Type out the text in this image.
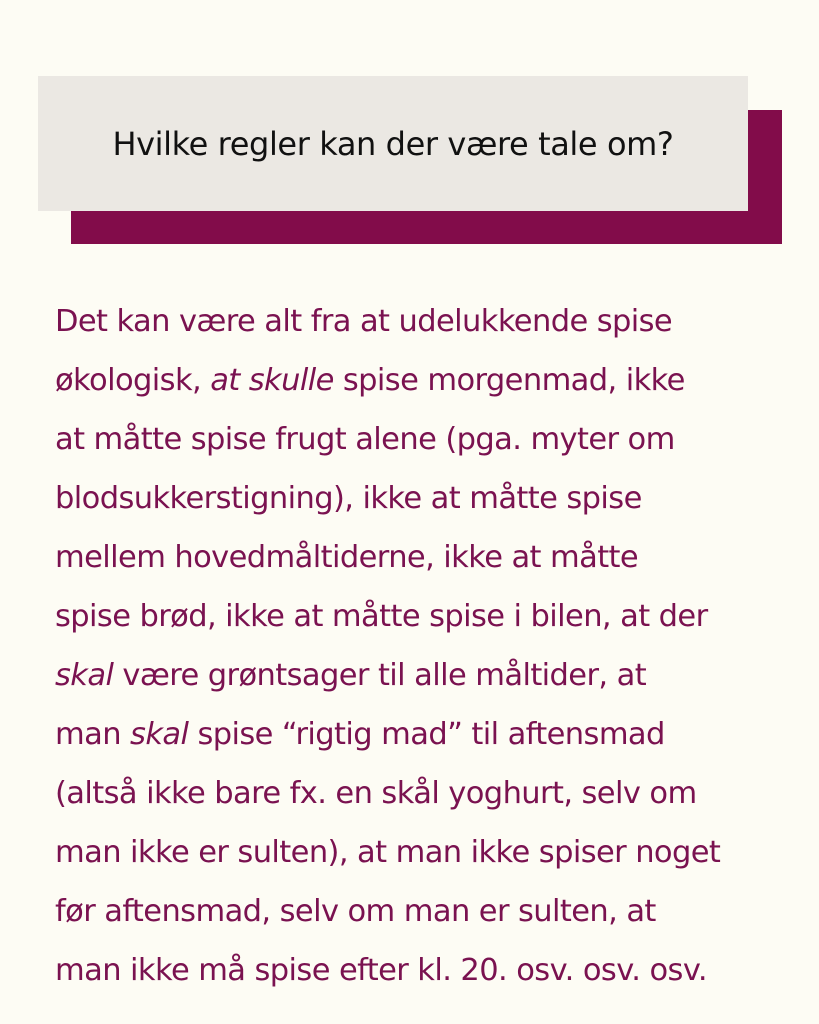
Hvilke regler kan der være tale om?

Det kan være alt fra at udelukkende spise
økologisk, at skulle spise morgenmad, ikke
at måtte spise frugt alene (pga. myter om
blodsukkerstigning), ikke at måtte spise
mellem hovedmåltiderne, ikke at måtte
spise brød, ikke at måtte spise i bilen, at der
skal være grøntsager til alle måltider, at
man skal spise “rigtig mad” til aftensmad
(altså ikke bare fx. en skål yoghurt, selv om
man ikke er sulten), at man ikke spiser noget
før aftensmad, selv om man er sulten, at
man ikke må spise efter kl. 20. osv. osv. osv.
